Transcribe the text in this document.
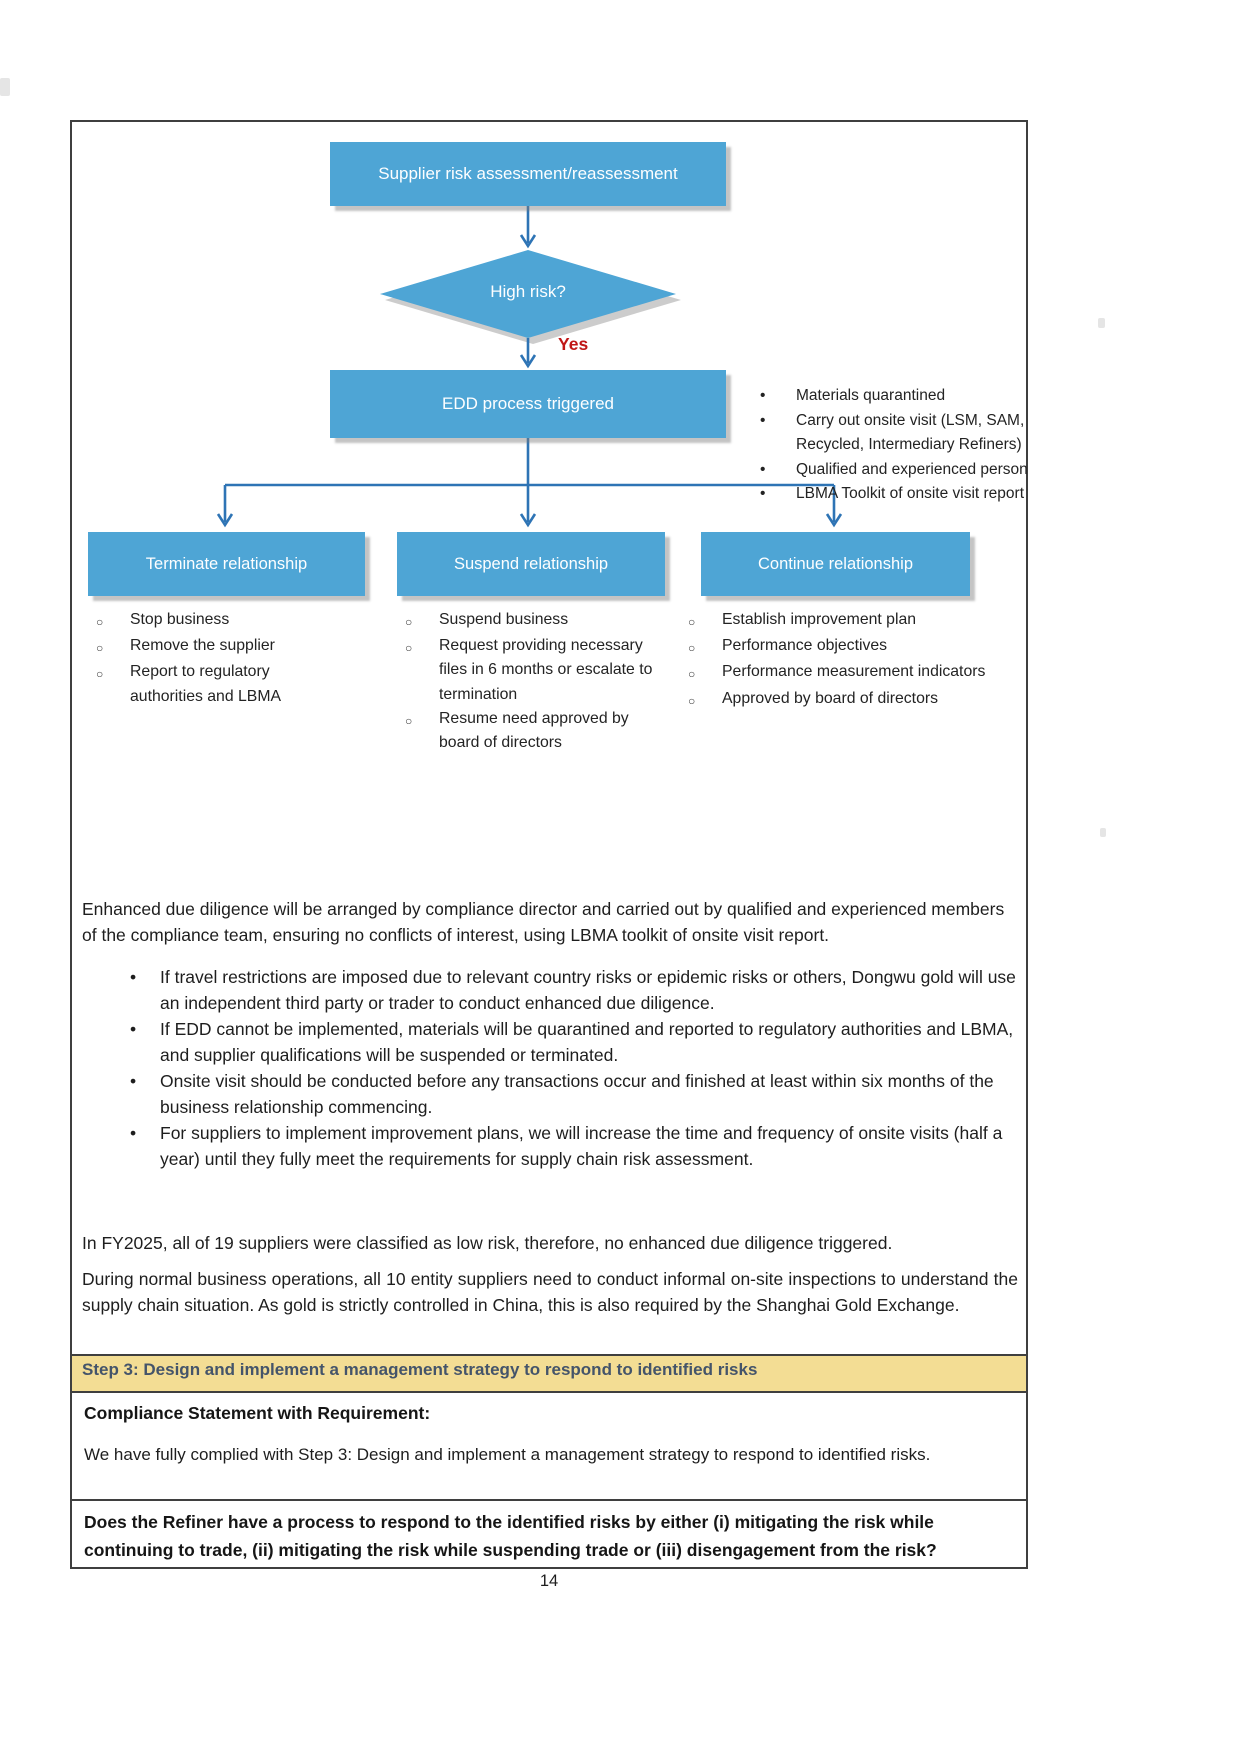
Supplier risk assessment/reassessment
High risk?
Yes
EDD process triggered	•	Materials quarantined
•	Carry out onsite visit (LSM, SAM, Recycled, Intermediary Refiners)
•	Qualified and experienced person
•	LBMA Toolkit of onsite visit report
Terminate relationship	Suspend relationship	Continue relationship
○	Stop business
○	Remove the supplier
○	Report to regulatory authorities and LBMA
○	Suspend business
○	Request providing necessary files in 6 months or escalate to termination
○	Resume need approved by board of directors
○	Establish improvement plan
○	Performance objectives
○	Performance measurement indicators
○	Approved by board of directors
Enhanced due diligence will be arranged by compliance director and carried out by qualified and experienced members of the compliance team, ensuring no conflicts of interest, using LBMA toolkit of onsite visit report.
•	If travel restrictions are imposed due to relevant country risks or epidemic risks or others, Dongwu gold will use an independent third party or trader to conduct enhanced due diligence.
•	If EDD cannot be implemented, materials will be quarantined and reported to regulatory authorities and LBMA, and supplier qualifications will be suspended or terminated.
•	Onsite visit should be conducted before any transactions occur and finished at least within six months of the business relationship commencing.
•	For suppliers to implement improvement plans, we will increase the time and frequency of onsite visits (half a year) until they fully meet the requirements for supply chain risk assessment.
In FY2025, all of 19 suppliers were classified as low risk, therefore, no enhanced due diligence triggered.
During normal business operations, all 10 entity suppliers need to conduct informal on-site inspections to understand the supply chain situation. As gold is strictly controlled in China, this is also required by the Shanghai Gold Exchange.
Step 3: Design and implement a management strategy to respond to identified risks
Compliance Statement with Requirement:
We have fully complied with Step 3: Design and implement a management strategy to respond to identified risks.
Does the Refiner have a process to respond to the identified risks by either (i) mitigating the risk while continuing to trade, (ii) mitigating the risk while suspending trade or (iii) disengagement from the risk?
14
